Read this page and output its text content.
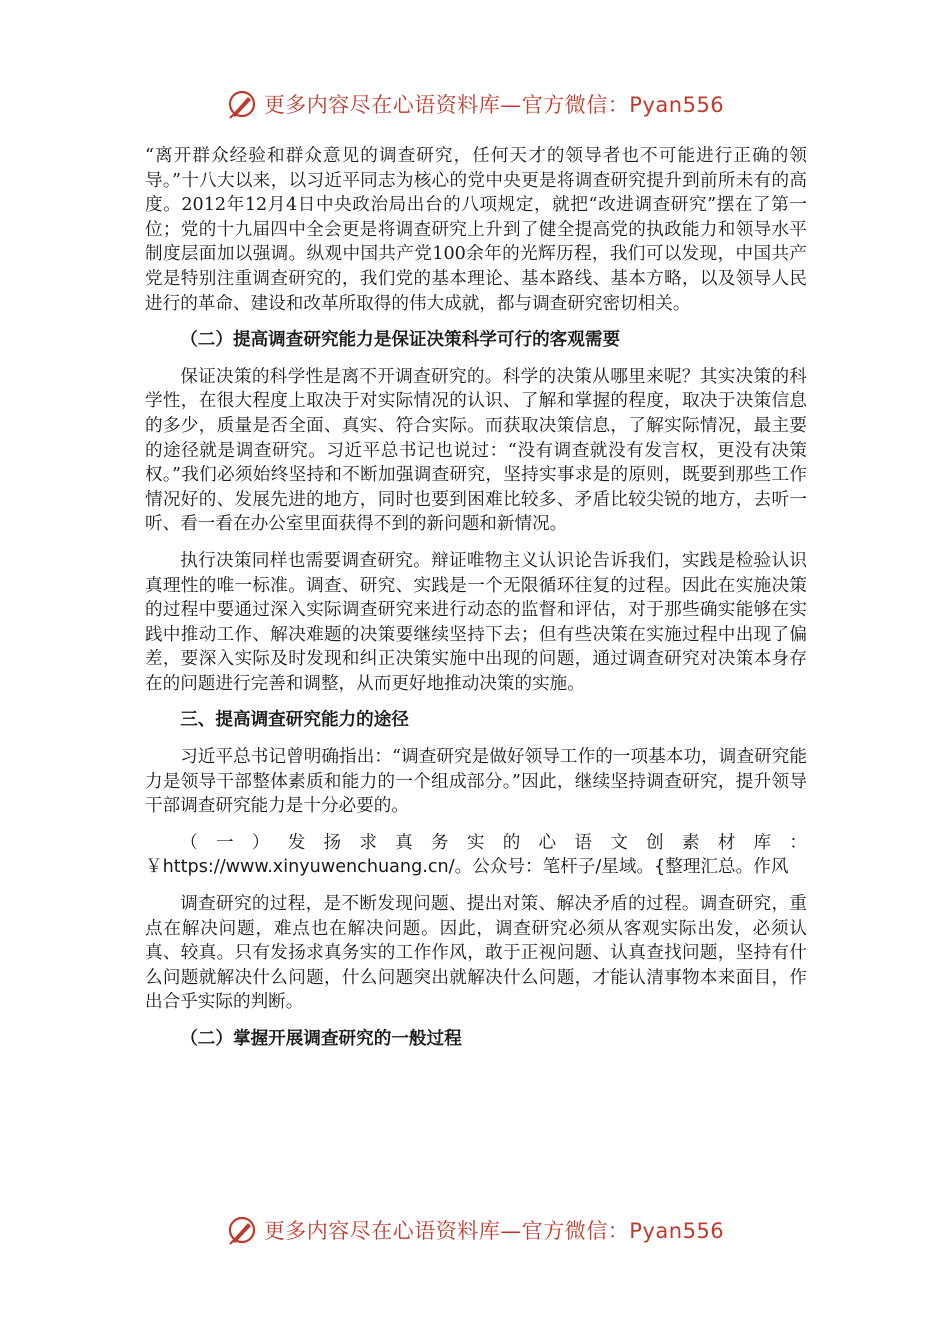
更多内容尽在心语资料库—官方微信：Pyan556

“离开群众经验和群众意见的调查研究，任何天才的领导者也不可能进行正确的领导。”十八大以来，以习近平同志为核心的党中央更是将调查研究提升到前所未有的高度。2012年12月4日中央政治局出台的八项规定，就把“改进调查研究”摆在了第一位；党的十九届四中全会更是将调查研究上升到了健全提高党的执政能力和领导水平制度层面加以强调。纵观中国共产党100余年的光辉历程，我们可以发现，中国共产党是特别注重调查研究的，我们党的基本理论、基本路线、基本方略，以及领导人民进行的革命、建设和改革所取得的伟大成就，都与调查研究密切相关。

（二）提高调查研究能力是保证决策科学可行的客观需要

保证决策的科学性是离不开调查研究的。科学的决策从哪里来呢？其实决策的科学性，在很大程度上取决于对实际情况的认识、了解和掌握的程度，取决于决策信息的多少，质量是否全面、真实、符合实际。而获取决策信息，了解实际情况，最主要的途径就是调查研究。习近平总书记也说过：“没有调查就没有发言权，更没有决策权。”我们必须始终坚持和不断加强调查研究，坚持实事求是的原则，既要到那些工作情况好的、发展先进的地方，同时也要到困难比较多、矛盾比较尖锐的地方，去听一听、看一看在办公室里面获得不到的新问题和新情况。

执行决策同样也需要调查研究。辩证唯物主义认识论告诉我们，实践是检验认识真理性的唯一标准。调查、研究、实践是一个无限循环往复的过程。因此在实施决策的过程中要通过深入实际调查研究来进行动态的监督和评估，对于那些确实能够在实践中推动工作、解决难题的决策要继续坚持下去；但有些决策在实施过程中出现了偏差，要深入实际及时发现和纠正决策实施中出现的问题，通过调查研究对决策本身存在的问题进行完善和调整，从而更好地推动决策的实施。

三、提高调查研究能力的途径

习近平总书记曾明确指出：“调查研究是做好领导工作的一项基本功，调查研究能力是领导干部整体素质和能力的一个组成部分。”因此，继续坚持调查研究，提升领导干部调查研究能力是十分必要的。

（一）发扬求真务实的心语文创素材库：￥https://www.xinyuwenchuang.cn/。公众号：笔杆子/星域。{整理汇总。作风

调查研究的过程，是不断发现问题、提出对策、解决矛盾的过程。调查研究，重点在解决问题，难点也在解决问题。因此，调查研究必须从客观实际出发，必须认真、较真。只有发扬求真务实的工作作风，敢于正视问题、认真查找问题，坚持有什么问题就解决什么问题，什么问题突出就解决什么问题，才能认清事物本来面目，作出合乎实际的判断。

（二）掌握开展调查研究的一般过程
更多内容尽在心语资料库—官方微信：Pyan556
